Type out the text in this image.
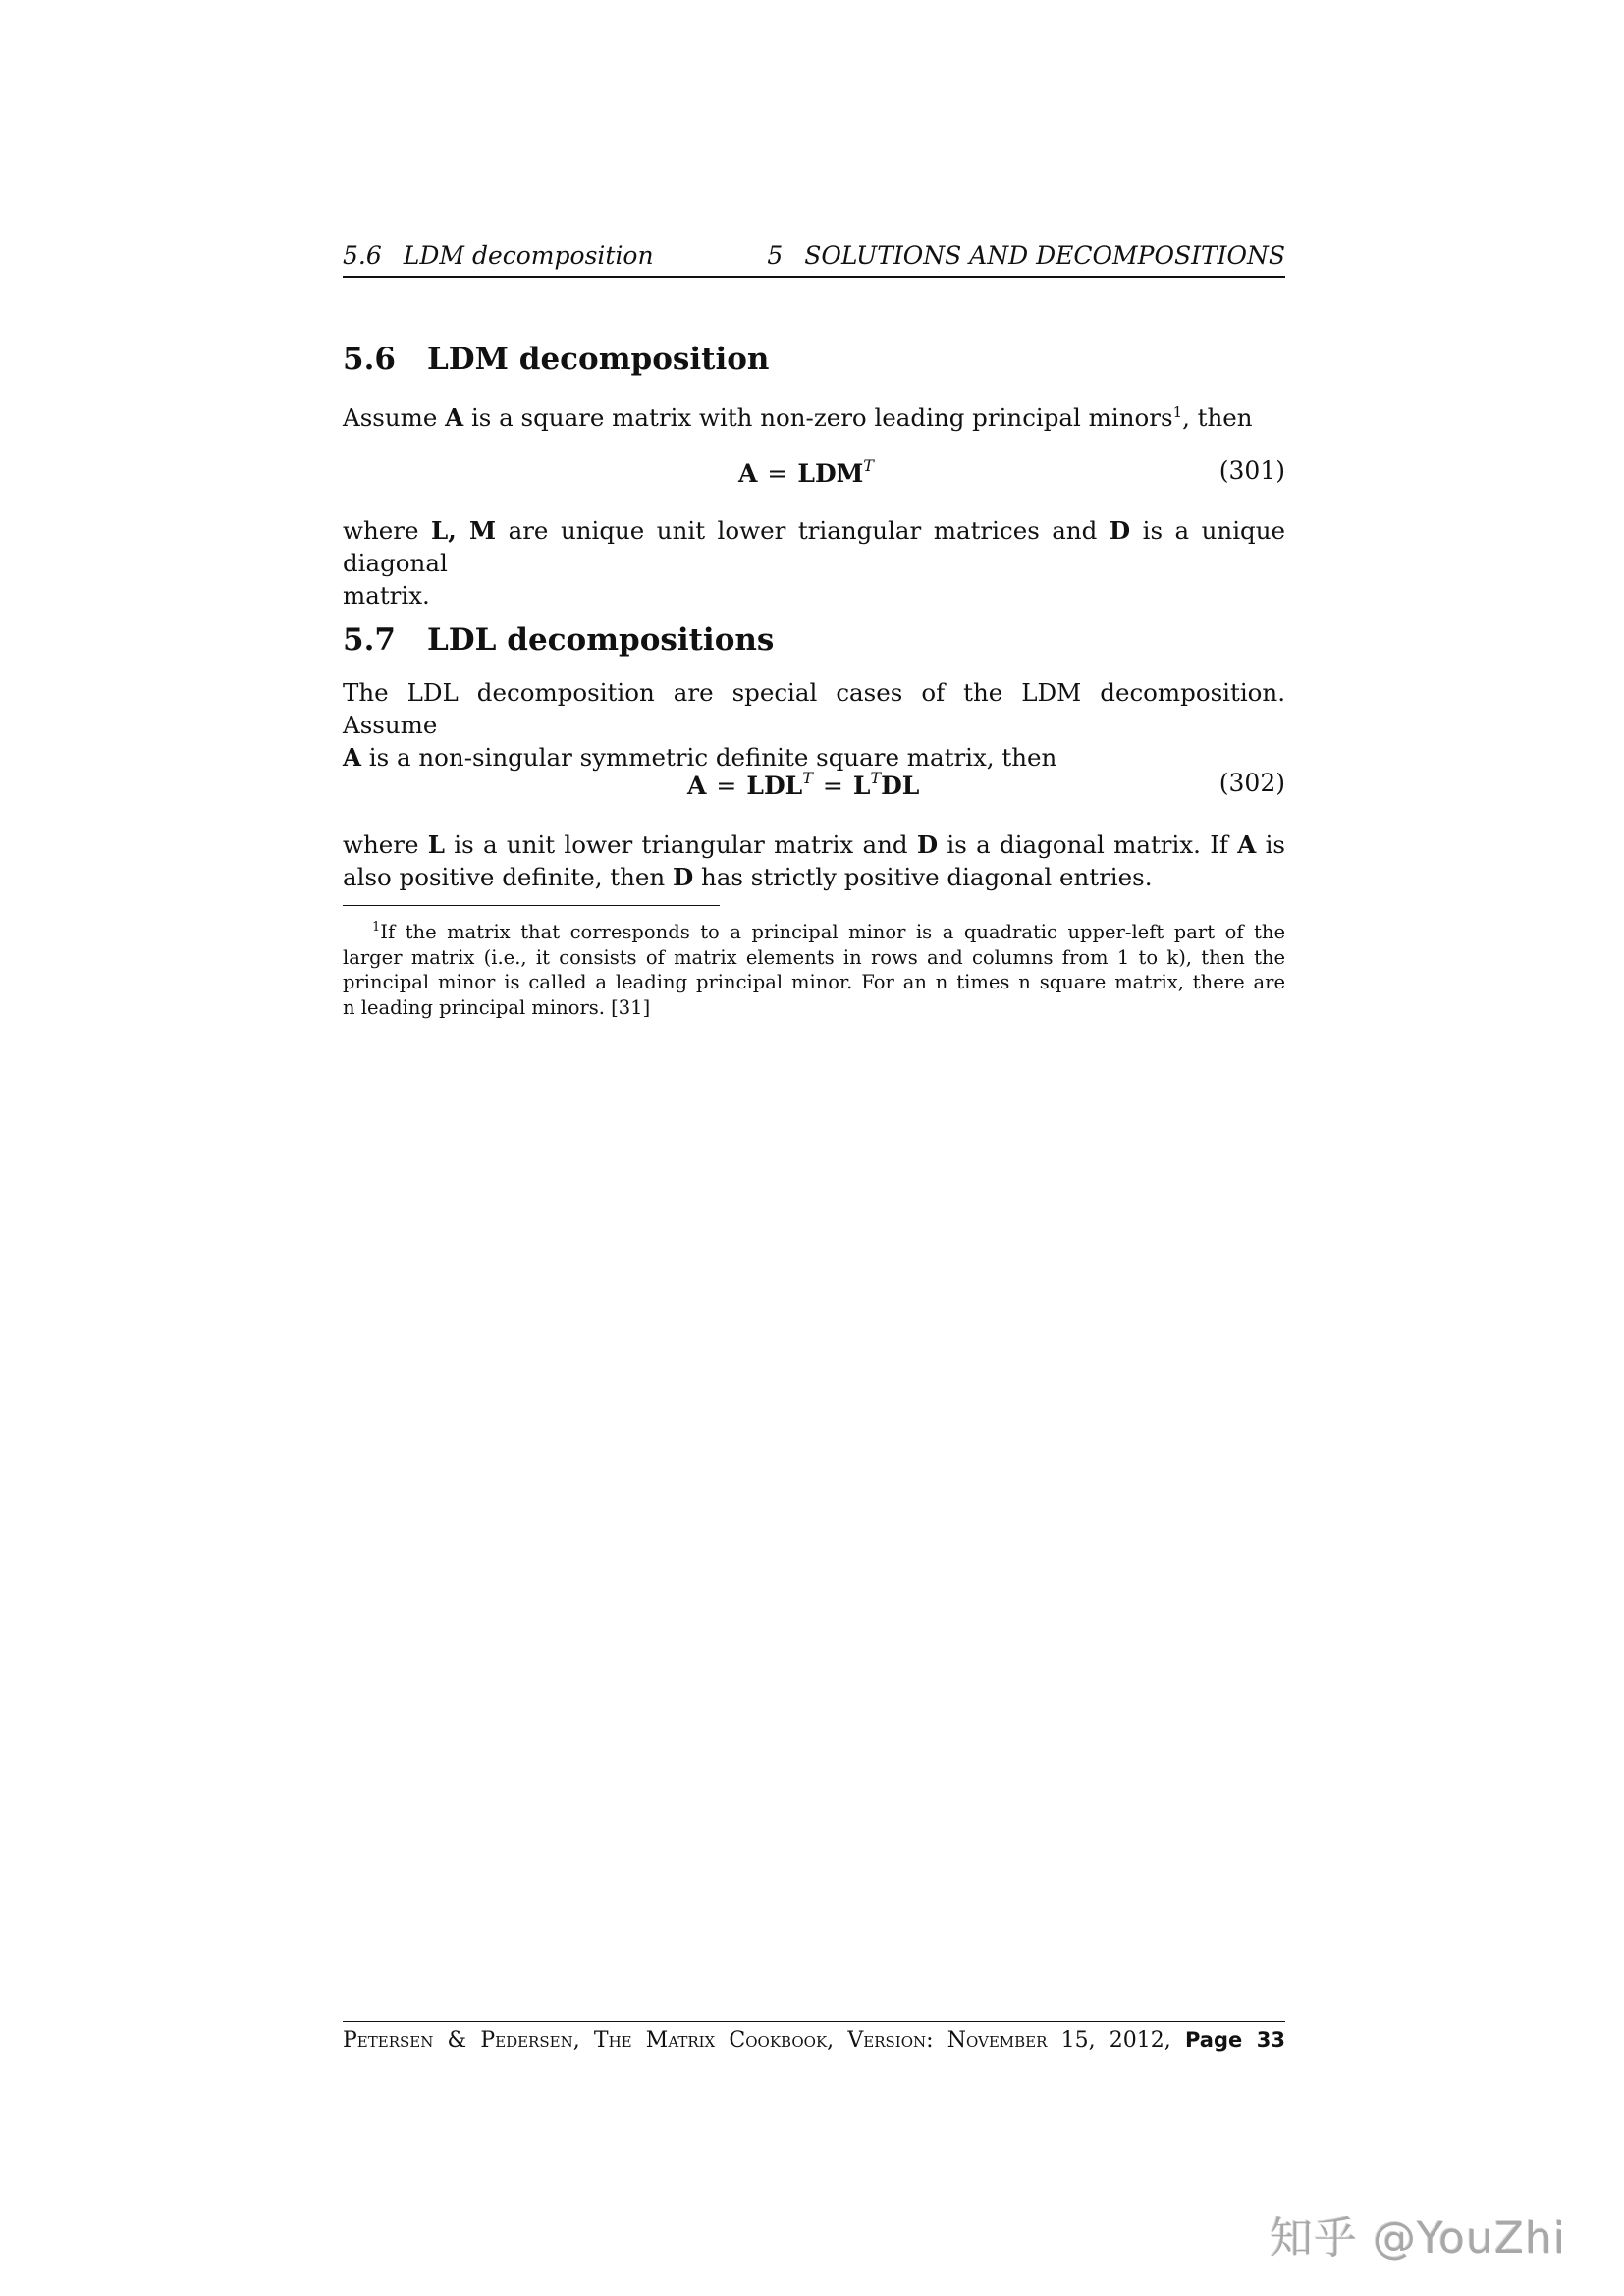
5.6 LDM decomposition	5 SOLUTIONS AND DECOMPOSITIONS
5.6 LDM decomposition
Assume A is a square matrix with non-zero leading principal minors$^1$, then
$A = LDM^T$	(301)
where L, M are unique unit lower triangular matrices and D is a unique diagonal
matrix.
5.7 LDL decompositions
The LDL decomposition are special cases of the LDM decomposition. Assume
A is a non-singular symmetric definite square matrix, then
$A = LDL^T = L^TDL$	(302)
where L is a unit lower triangular matrix and D is a diagonal matrix. If A is
also positive definite, then D has strictly positive diagonal entries.
$^1$If the matrix that corresponds to a principal minor is a quadratic upper-left part of the
larger matrix (i.e., it consists of matrix elements in rows and columns from 1 to k), then the
principal minor is called a leading principal minor. For an n times n square matrix, there are
n leading principal minors. [31]
Petersen & Pedersen, The Matrix Cookbook, Version: November 15, 2012, Page 33
知乎 @YouZhi
